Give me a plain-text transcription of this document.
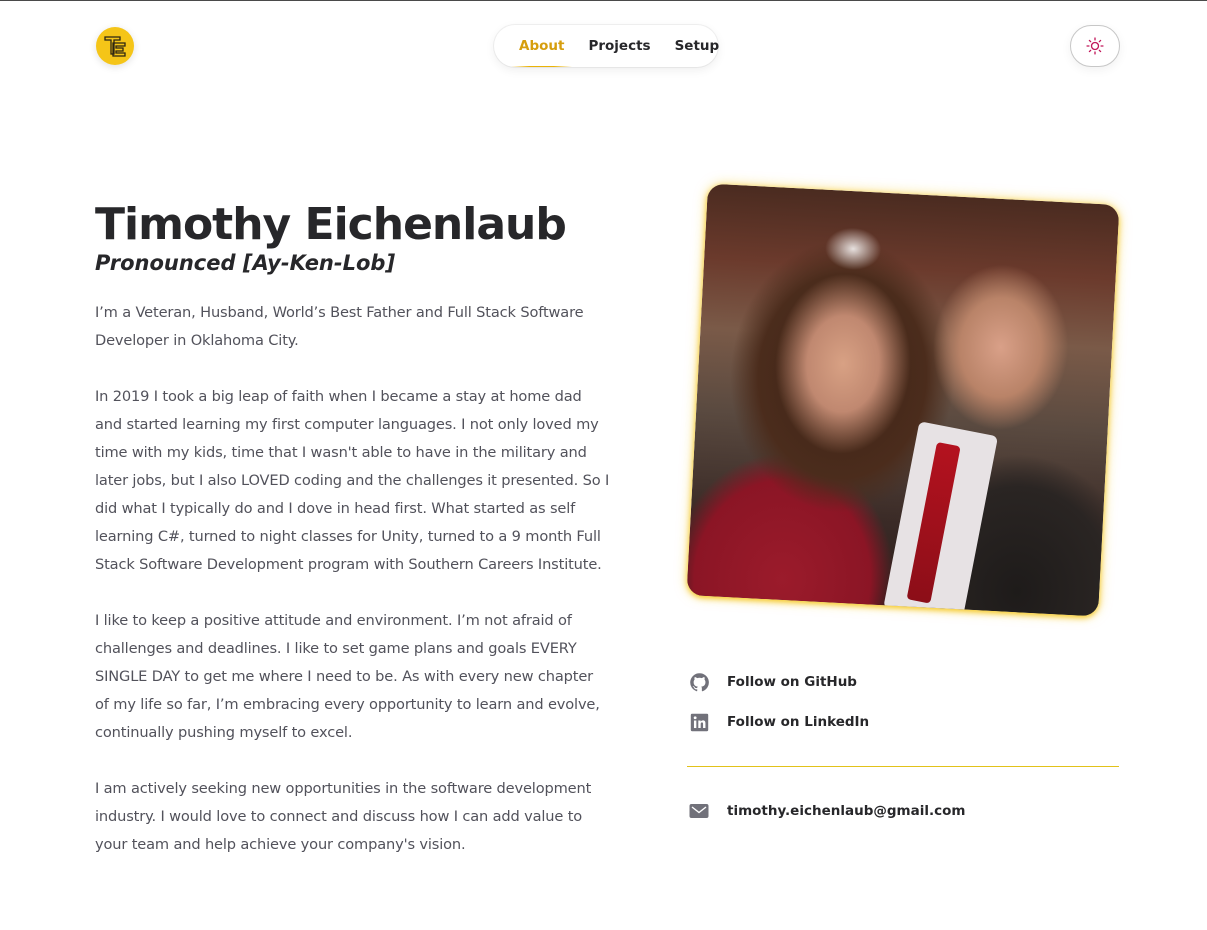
About	Projects	Setup
Timothy Eichenlaub
Pronounced [Ay-Ken-Lob]

I’m a Veteran, Husband, World’s Best Father and Full Stack Software Developer in Oklahoma City.

In 2019 I took a big leap of faith when I became a stay at home dad and started learning my first computer languages. I not only loved my time with my kids, time that I wasn't able to have in the military and later jobs, but I also LOVED coding and the challenges it presented. So I did what I typically do and I dove in head first. What started as self learning C#, turned to night classes for Unity, turned to a 9 month Full Stack Software Development program with Southern Careers Institute.

I like to keep a positive attitude and environment. I’m not afraid of challenges and deadlines. I like to set game plans and goals EVERY SINGLE DAY to get me where I need to be. As with every new chapter of my life so far, I’m embracing every opportunity to learn and evolve, continually pushing myself to excel.

I am actively seeking new opportunities in the software development industry. I would love to connect and discuss how I can add value to your team and help achieve your company's vision.

Follow on GitHub
Follow on LinkedIn
timothy.eichenlaub@gmail.com
